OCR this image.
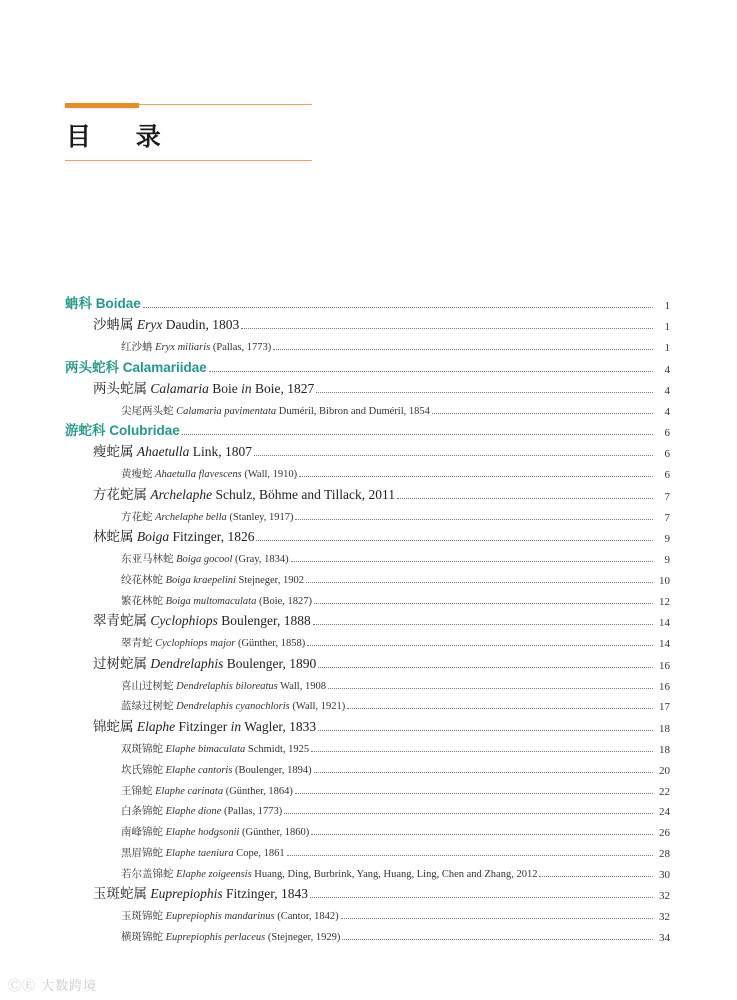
目 录
蚺科 Boidae	1
沙蚺属 Eryx Daudin, 1803	1
红沙蚺 Eryx miliaris (Pallas, 1773)	1
两头蛇科 Calamariidae	4
两头蛇属 Calamaria Boie in Boie, 1827	4
尖尾两头蛇 Calamaria pavimentata Duméril, Bibron and Duméril, 1854	4
游蛇科 Colubridae	6
瘦蛇属 Ahaetulla Link, 1807	6
黄瘦蛇 Ahaetulla flavescens (Wall, 1910)	6
方花蛇属 Archelaphe Schulz, Böhme and Tillack, 2011	7
方花蛇 Archelaphe bella (Stanley, 1917)	7
林蛇属 Boiga Fitzinger, 1826	9
东亚马林蛇 Boiga gocool (Gray, 1834)	9
绞花林蛇 Boiga kraepelini Stejneger, 1902	10
繁花林蛇 Boiga multomaculata (Boie, 1827)	12
翠青蛇属 Cyclophiops Boulenger, 1888	14
翠青蛇 Cyclophiops major (Günther, 1858)	14
过树蛇属 Dendrelaphis Boulenger, 1890	16
喜山过树蛇 Dendrelaphis biloreatus Wall, 1908	16
蓝绿过树蛇 Dendrelaphis cyanochloris (Wall, 1921)	17
锦蛇属 Elaphe Fitzinger in Wagler, 1833	18
双斑锦蛇 Elaphe bimaculata Schmidt, 1925	18
坎氏锦蛇 Elaphe cantoris (Boulenger, 1894)	20
王锦蛇 Elaphe carinata (Günther, 1864)	22
白条锦蛇 Elaphe dione (Pallas, 1773)	24
南峰锦蛇 Elaphe hodgsonii (Günther, 1860)	26
黑眉锦蛇 Elaphe taeniura Cope, 1861	28
若尔盖锦蛇 Elaphe zoigeensis Huang, Ding, Burbrink, Yang, Huang, Ling, Chen and Zhang, 2012	30
玉斑蛇属 Euprepiophis Fitzinger, 1843	32
玉斑锦蛇 Euprepiophis mandarinus (Cantor, 1842)	32
横斑锦蛇 Euprepiophis perlaceus (Stejneger, 1929)	34
ⒸⒺ 大数跨境
